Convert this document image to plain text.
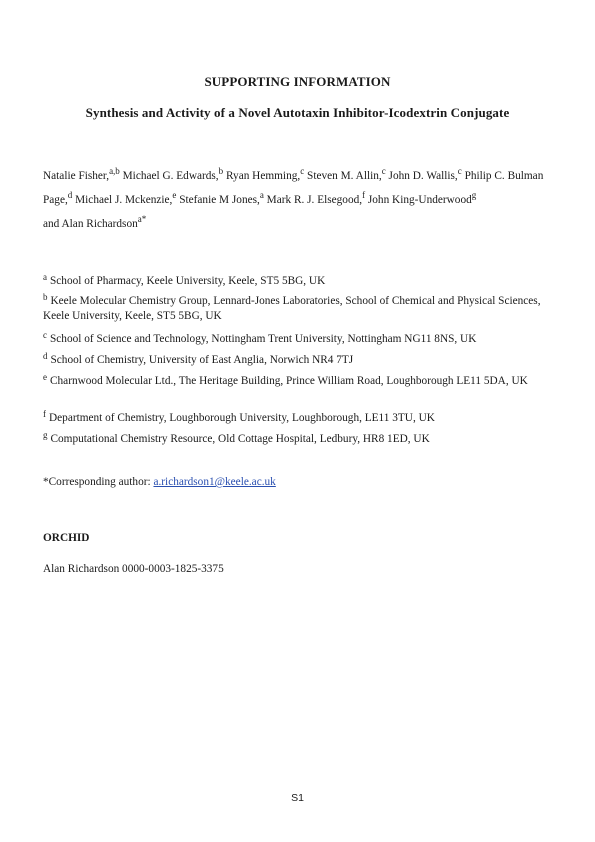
SUPPORTING INFORMATION
Synthesis and Activity of a Novel Autotaxin Inhibitor-Icodextrin Conjugate
Natalie Fisher,$^{a,b}$ Michael G. Edwards,$^b$ Ryan Hemming,$^c$ Steven M. Allin,$^c$ John D. Wallis,$^c$ Philip C. Bulman Page,$^d$ Michael J. Mckenzie,$^e$ Stefanie M Jones,$^a$ Mark R. J. Elsegood,$^f$ John King-Underwood$^g$
and Alan Richardson$^{a*}$
$^a$ School of Pharmacy, Keele University, Keele, ST5 5BG, UK
$^b$ Keele Molecular Chemistry Group, Lennard-Jones Laboratories, School of Chemical and Physical Sciences, Keele University, Keele, ST5 5BG, UK
$^c$ School of Science and Technology, Nottingham Trent University, Nottingham NG11 8NS, UK
$^d$ School of Chemistry, University of East Anglia, Norwich NR4 7TJ
$^e$ Charnwood Molecular Ltd., The Heritage Building, Prince William Road, Loughborough LE11 5DA, UK
$^f$ Department of Chemistry, Loughborough University, Loughborough, LE11 3TU, UK
$^g$ Computational Chemistry Resource, Old Cottage Hospital, Ledbury, HR8 1ED, UK
*Corresponding author: a.richardson1@keele.ac.uk
ORCHID
Alan Richardson 0000-0003-1825-3375
S1
